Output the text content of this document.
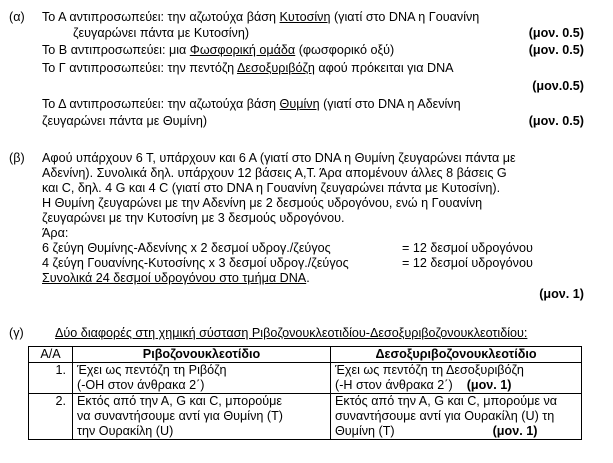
(α) Το Α αντιπροσωπεύει: την αζωτούχα βάση Κυτοσίνη (γιατί στο DNA η Γουανίνη
ζευγαρώνει πάντα με Κυτοσίνη)	(μον. 0.5)
Το Β αντιπροσωπεύει: μια Φωσφορική ομάδα (φωσφορικό οξύ)	(μον. 0.5)
Το Γ αντιπροσωπεύει: την πεντόζη Δεσοξυριβόζη αφού πρόκειται για DNA
(μον.0.5)
Το Δ αντιπροσωπεύει: την αζωτούχα βάση Θυμίνη (γιατί στο DNA η Αδενίνη
ζευγαρώνει πάντα με Θυμίνη)	(μον. 0.5)
(β) Αφού υπάρχουν 6 Τ, υπάρχουν και 6 Α (γιατί στο DNA η Θυμίνη ζευγαρώνει πάντα με
Αδενίνη). Συνολικά δηλ. υπάρχουν 12 βάσεις Α,Τ. Άρα απομένουν άλλες 8 βάσεις G
και C, δηλ. 4 G και 4 C (γιατί στο DNA η Γουανίνη ζευγαρώνει πάντα με Κυτοσίνη).
Η Θυμίνη ζευγαρώνει με την Αδενίνη με 2 δεσμούς υδρογόνου, ενώ η Γουανίνη
ζευγαρώνει με την Κυτοσίνη με 3 δεσμούς υδρογόνου.
Άρα:
6 ζεύγη Θυμίνης-Αδενίνης x 2 δεσμοί υδρογ./ζεύγος	= 12 δεσμοί υδρογόνου
4 ζεύγη Γουανίνης-Κυτοσίνης x 3 δεσμοί υδρογ./ζεύγος	= 12 δεσμοί υδρογόνου
Συνολικά 24 δεσμοί υδρογόνου στο τμήμα DNA.
(μον. 1)
(γ) Δύο διαφορές στη χημική σύσταση Ριβοζονουκλεοτιδίου-Δεσοξυριβοζονουκλεοτιδίου:
Α/Α	Ριβοζονουκλεοτίδιο	Δεσοξυριβοζονουκλεοτίδιο
1.	Έχει ως πεντόζη τη Ριβόζη
(-ΟΗ στον άνθρακα 2΄)	Έχει ως πεντόζη τη Δεσοξυριβόζη
(-Η στον άνθρακα 2΄) (μον. 1)

2.	Εκτός από την Α, G και C, μπορούμε
να συναντήσουμε αντί για Θυμίνη (Τ)
την Ουρακίλη (U)	Εκτός από την Α, G και C, μπορούμε να
συναντήσουμε αντί για Ουρακίλη (U) τη
Θυμίνη (Τ) (μον. 1)
